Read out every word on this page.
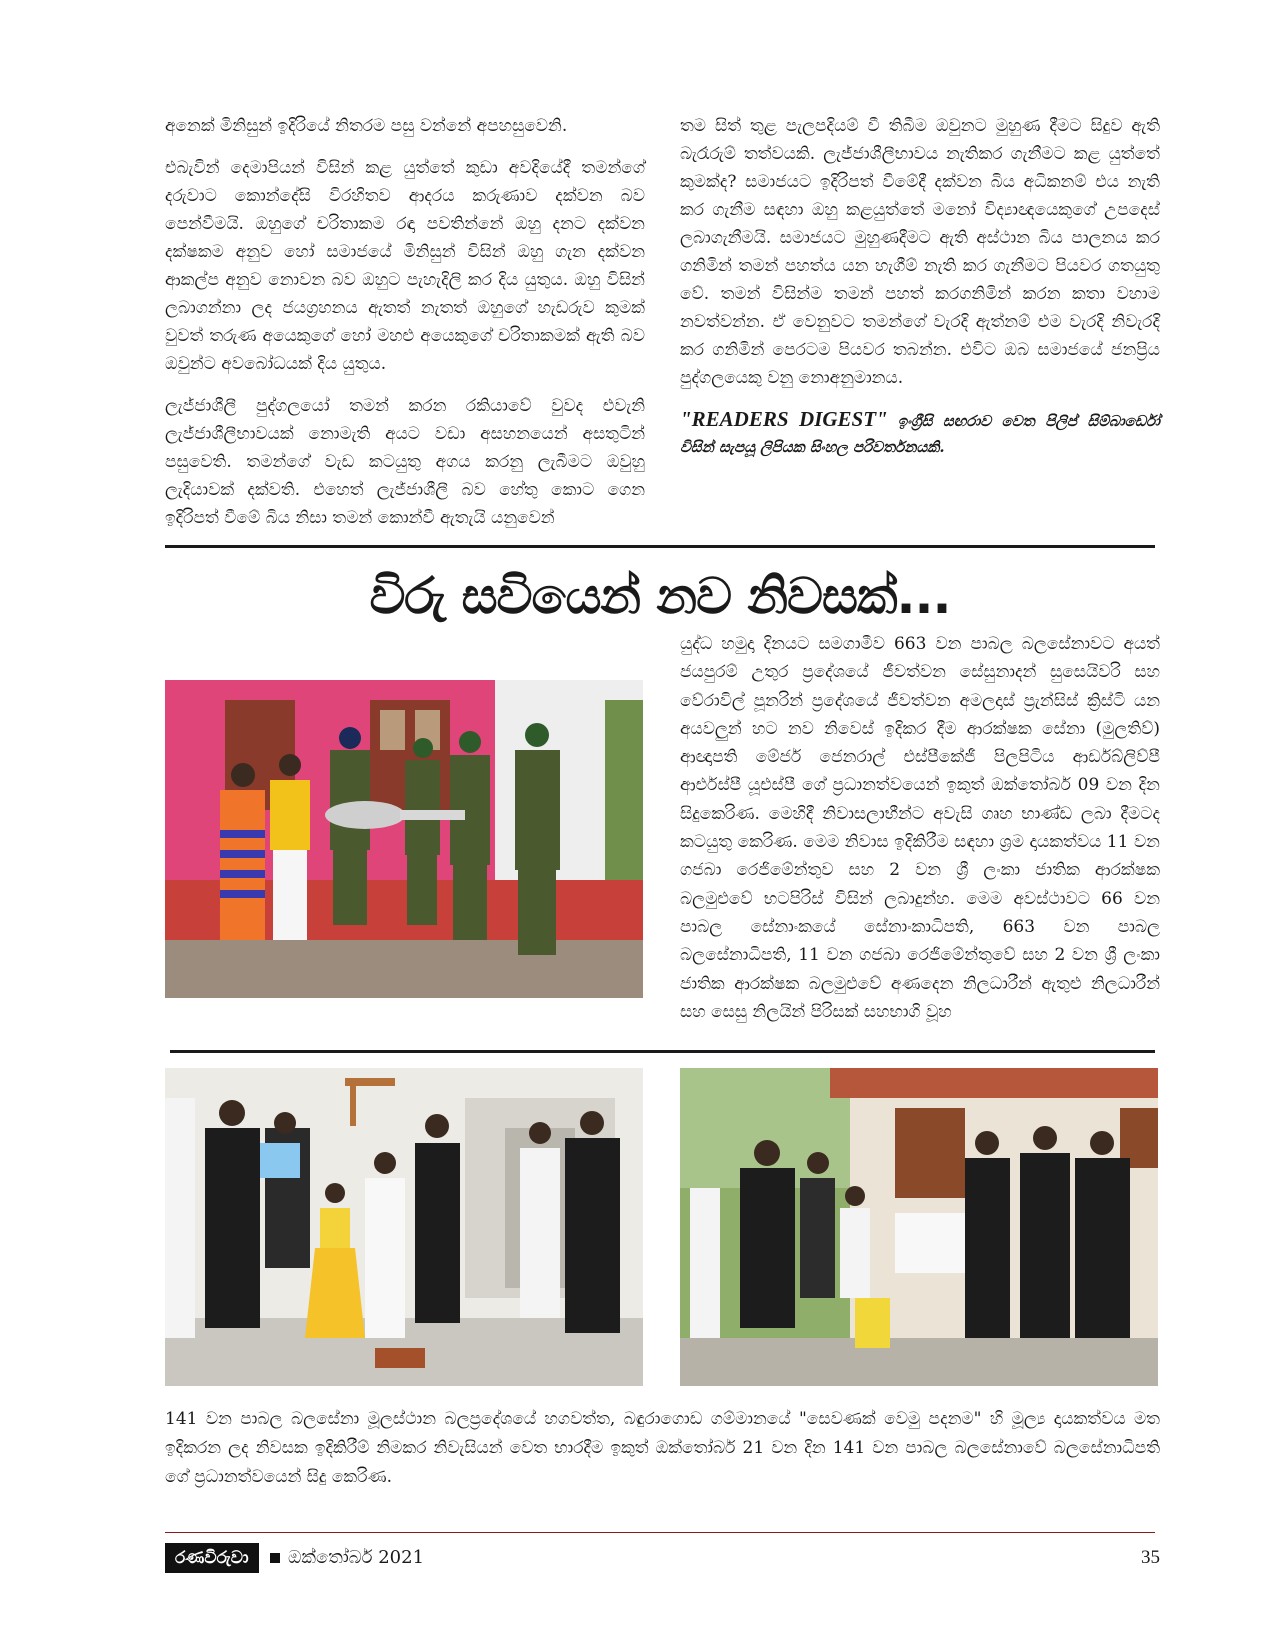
අනෙක් මිනිසුන් ඉදිරියේ නිතරම පසු වන්නේ අපහසුවෙනි.

එබැවින් දෙමාපියන් විසින් කළ යුත්තේ කුඩා අවදියේදී තමන්ගේ දරුවාට කොන්දේසි විරහිතව ආදරය කරුණාව දක්වන බව පෙන්වීමයි. ඔහුගේ චරිතාකම රඳා පවතින්නේ ඔහු දනට දක්වන දක්ෂකම අනුව හෝ සමාජයේ මිනිසුන් විසින් ඔහු ගැන දක්වන ආකල්ප අනුව නොවන බව ඔහුට පැහැදිලි කර දිය යුතුය. ඔහු විසින් ලබාගන්නා ලද ජයග්‍රහනය ඇතත් නැතත් ඔහුගේ හැඩරුව කුමක් වුවත් තරුණ අයෙකුගේ හෝ මහළු අයෙකුගේ චරිතාකමක් ඇති බව ඔවුන්ට අවබෝධයක් දිය යුතුය.

ලැජ්ජාශීලී පුද්ගලයෝ තමන් කරන රකියාවේ වුවද එවැනි ලැජ්ජාශීලීභාවයක් නොමැති අයට වඩා අසහනයෙන් අසතුටින් පසුවෙති. තමන්ගේ වැඩ කටයුතු අගය කරනු ලැබීමට ඔවුහු ලැදියාවක් දක්වති. එහෙත් ලැජ්ජාශීලී බව හේතු කොට ගෙන ඉදිරිපත් වීමේ බිය නිසා තමන් කොන්වී ඇතැයි යනුවෙන්

තම සිත් තුළ පැලපදියම් වී තිබීම ඔවුනට මුහුණ දීමට සිදුව ඇති බැරෑරුම් තත්වයකි. ලැජ්ජාශීලීභාවය නැතිකර ගැනීමට කළ යුත්තේ කුමක්ද? සමාජයට ඉදිරිපත් වීමේදී දක්වන බිය අධිකනම් එය නැති කර ගැනීම සඳහා ඔහු කළයුත්තේ මනෝ විද්‍යාඥයෙකුගේ උපදෙස් ලබාගැනීමයි. සමාජයට මුහුණදීමට ඇති අස්ථාන බිය පාලනය කර ගනිමින් තමන් පහත්ය යන හැගීම් නැති කර ගැනීමට පියවර ගතයුතු වේ. තමන් විසින්ම තමන් පහත් කරගනිමින් කරන කතා වහාම නවත්වන්න. ඒ වෙනුවට තමන්ගේ වැරදි ඇත්නම් එම වැරදි නිවැරදි කර ගනිමින් පෙරටම පියවර තබන්න. එවිට ඔබ සමාජයේ ජනප්‍රිය පුද්ගලයෙකු වනු නොඅනුමානය.

"READERS DIGEST" ඉංග්‍රීසි සඟරාව වෙත පිලිප් සිම්බාර්ඩෝ විසින් සැපයූ ලිපියක සිංහල පරිවර්තනයකි.
විරු සවියෙන් නව නිවසක්...
යුද්ධ හමුදා දිනයට සමගාමීව 663 වන පාබල බලසේනාවට අයත් ජයපුරම් උතුර ප්‍රදේශයේ ජීවත්වන සේසුනාදන් සුසෙයිවරි සහ වේරාවිල් පූනරින් ප්‍රදේශයේ ජීවත්වන අමලදාස් ප්‍රැන්සිස් ක්‍රිස්ටි යන අයවලුන් හට නව නිවෙස් ඉදිකර දීම ආරක්ෂක සේනා (මුලතිව්) ආඥාපති මේජර් ජෙනරාල් එස්පීකේජී පිලපිටිය ආර්ඩබ්ලිව්පී ආර්එස්පී යූඑස්පී ගේ ප්‍රධානත්වයෙන් ඉකුත් ඔක්තෝබර් 09 වන දින සිදුකෙරිණ. මෙහිදී නිවාසලාභීන්ට අවැසි ගෘහ භාණ්ඩ ලබා දීමටද කටයුතු කෙරිණ. මෙම නිවාස ඉදිකිරීම සඳහා ශ්‍රම දායකත්වය 11 වන ගජබා රෙජිමේන්තුව සහ 2 වන ශ්‍රී ලංකා ජාතික ආරක්ෂක බලමුළුවේ භටපිරිස් විසින් ලබාදුන්හ. මෙම අවස්ථාවට 66 වන පාබල සේනාංකයේ සේනාංකාධිපති, 663 වන පාබල බලසේනාධිපති, 11 වන ගජබා රෙජිමේන්තුවේ සහ 2 වන ශ්‍රී ලංකා ජාතික ආරක්ෂක බලමුළුවේ අණදෙන නිලධාරීන් ඇතුළු නිලධාරීන් සහ සෙසු නිලයින් පිරිසක් සහභාගි වූහ
141 වන පාබල බලසේනා මූලස්ථාන බලප්‍රදේශයේ හගවත්ත, බඳුරාගොඩ ගම්මානයේ "සෙවණක් වෙමු පදනම" හි මූල්‍ය දායකත්වය මත ඉදිකරන ලද නිවසක ඉදිකිරීම් නිමකර නිවැසියන් වෙත භාරදීම ඉකුත් ඔක්තෝබර් 21 වන දින 141 වන පාබල බලසේනාවේ බලසේනාධිපති ගේ ප්‍රධානත්වයෙන් සිදු කෙරිණ.
රණවිරුවා	ඔක්තෝබර් 2021	35
